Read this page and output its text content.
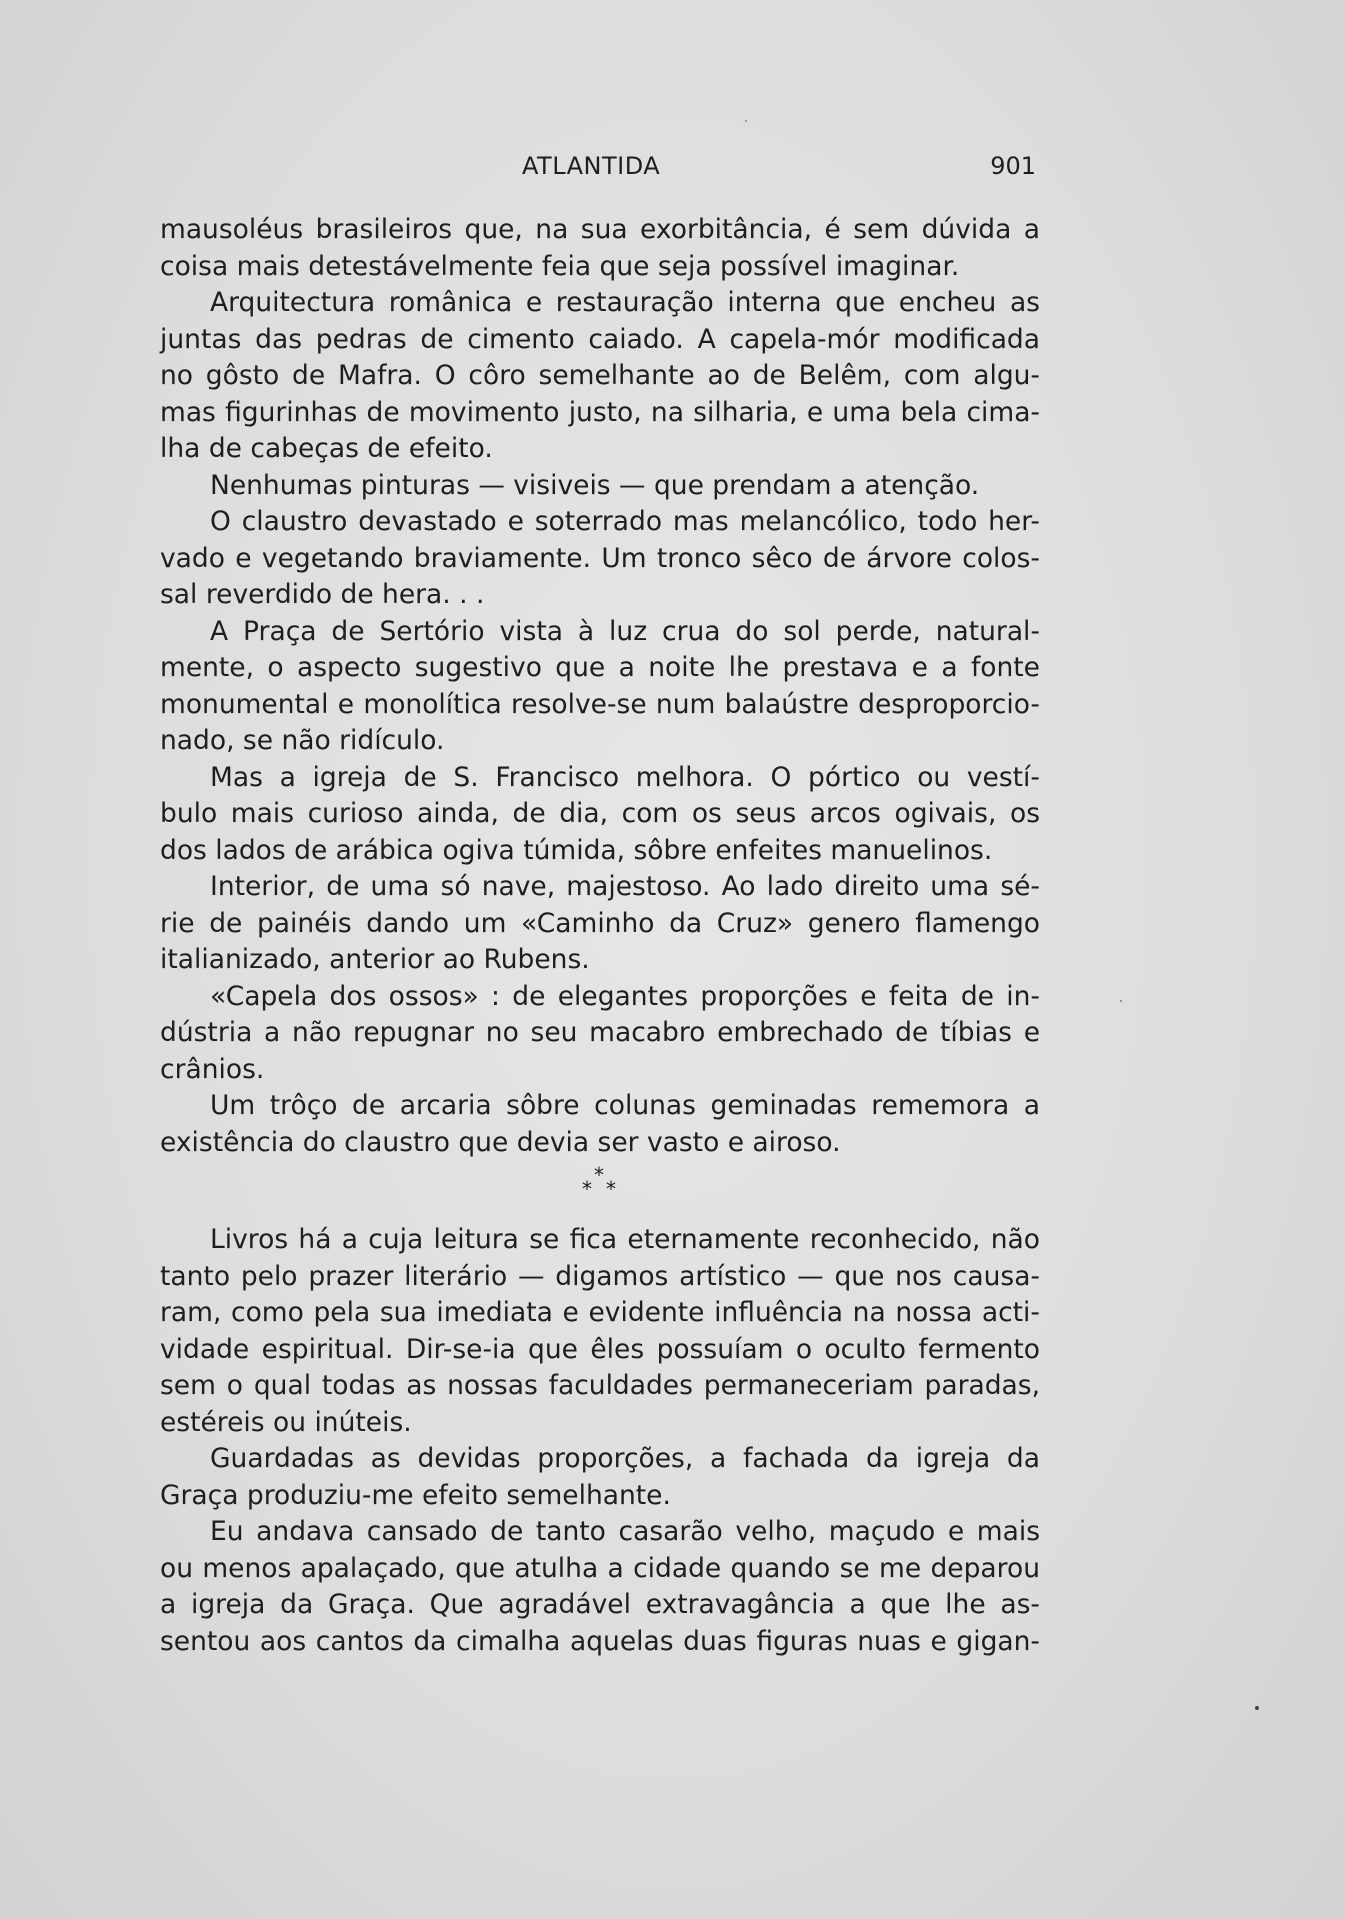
ATLANTIDA	901
mausoléus brasileiros que, na sua exorbitância, é sem dúvida a
coisa mais detestávelmente feia que seja possível imaginar.
Arquitectura românica e restauração interna que encheu as
juntas das pedras de cimento caiado. A capela-mór modificada
no gôsto de Mafra. O côro semelhante ao de Belêm, com algu-
mas figurinhas de movimento justo, na silharia, e uma bela cima-
lha de cabeças de efeito.
Nenhumas pinturas — visiveis — que prendam a atenção.
O claustro devastado e soterrado mas melancólico, todo her-
vado e vegetando braviamente. Um tronco sêco de árvore colos-
sal reverdido de hera. . .
A Praça de Sertório vista à luz crua do sol perde, natural-
mente, o aspecto sugestivo que a noite lhe prestava e a fonte
monumental e monolítica resolve-se num balaústre desproporcio-
nado, se não ridículo.
Mas a igreja de S. Francisco melhora. O pórtico ou vestí-
bulo mais curioso ainda, de dia, com os seus arcos ogivais, os
dos lados de arábica ogiva túmida, sôbre enfeites manuelinos.
Interior, de uma só nave, majestoso. Ao lado direito uma sé-
rie de painéis dando um «Caminho da Cruz» genero flamengo
italianizado, anterior ao Rubens.
«Capela dos ossos» : de elegantes proporções e feita de in-
dústria a não repugnar no seu macabro embrechado de tíbias e
crânios.
Um trôço de arcaria sôbre colunas geminadas rememora a
existência do claustro que devia ser vasto e airoso.
*
* *
Livros há a cuja leitura se fica eternamente reconhecido, não
tanto pelo prazer literário — digamos artístico — que nos causa-
ram, como pela sua imediata e evidente influência na nossa acti-
vidade espiritual. Dir-se-ia que êles possuíam o oculto fermento
sem o qual todas as nossas faculdades permaneceriam paradas,
estéreis ou inúteis.
Guardadas as devidas proporções, a fachada da igreja da
Graça produziu-me efeito semelhante.
Eu andava cansado de tanto casarão velho, maçudo e mais
ou menos apalaçado, que atulha a cidade quando se me deparou
a igreja da Graça. Que agradável extravagância a que lhe as-
sentou aos cantos da cimalha aquelas duas figuras nuas e gigan-
